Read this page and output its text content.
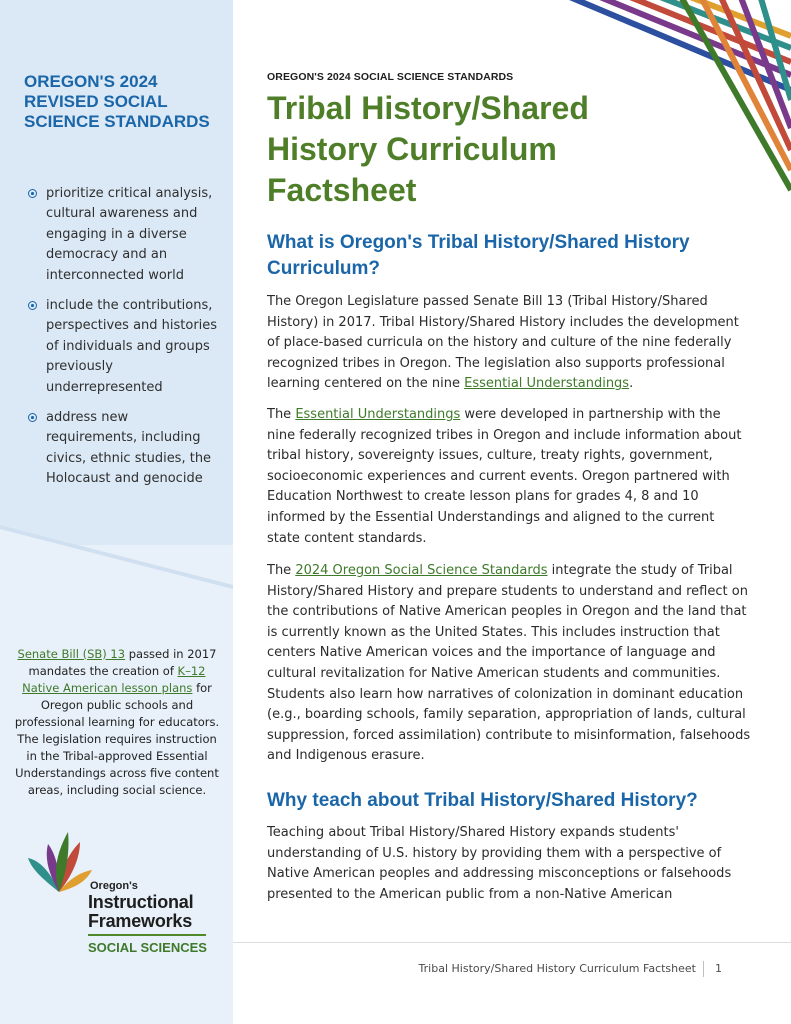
OREGON'S 2024 REVISED SOCIAL SCIENCE STANDARDS
prioritize critical analysis, cultural awareness and engaging in a diverse democracy and an interconnected world
include the contributions, perspectives and histories of individuals and groups previously underrepresented
address new requirements, including civics, ethnic studies, the Holocaust and genocide

Senate Bill (SB) 13 passed in 2017 mandates the creation of K–12 Native American lesson plans for Oregon public schools and professional learning for educators. The legislation requires instruction in the Tribal-approved Essential Understandings across five content areas, including social science.

Oregon's
Instructional Frameworks
SOCIAL SCIENCES
OREGON'S 2024 SOCIAL SCIENCE STANDARDS
Tribal History/Shared History Curriculum Factsheet
What is Oregon's Tribal History/Shared History Curriculum?

The Oregon Legislature passed Senate Bill 13 (Tribal History/Shared History) in 2017. Tribal History/Shared History includes the development of place-based curricula on the history and culture of the nine federally recognized tribes in Oregon. The legislation also supports professional learning centered on the nine Essential Understandings.

The Essential Understandings were developed in partnership with the nine federally recognized tribes in Oregon and include information about tribal history, sovereignty issues, culture, treaty rights, government, socioeconomic experiences and current events. Oregon partnered with Education Northwest to create lesson plans for grades 4, 8 and 10 informed by the Essential Understandings and aligned to the current state content standards.

The 2024 Oregon Social Science Standards integrate the study of Tribal History/Shared History and prepare students to understand and reflect on the contributions of Native American peoples in Oregon and the land that is currently known as the United States. This includes instruction that centers Native American voices and the importance of language and cultural revitalization for Native American students and communities. Students also learn how narratives of colonization in dominant education (e.g., boarding schools, family separation, appropriation of lands, cultural suppression, forced assimilation) contribute to misinformation, falsehoods and Indigenous erasure.

Why teach about Tribal History/Shared History?

Teaching about Tribal History/Shared History expands students' understanding of U.S. history by providing them with a perspective of Native American peoples and addressing misconceptions or falsehoods presented to the American public from a non-Native American

Tribal History/Shared History Curriculum Factsheet 1
